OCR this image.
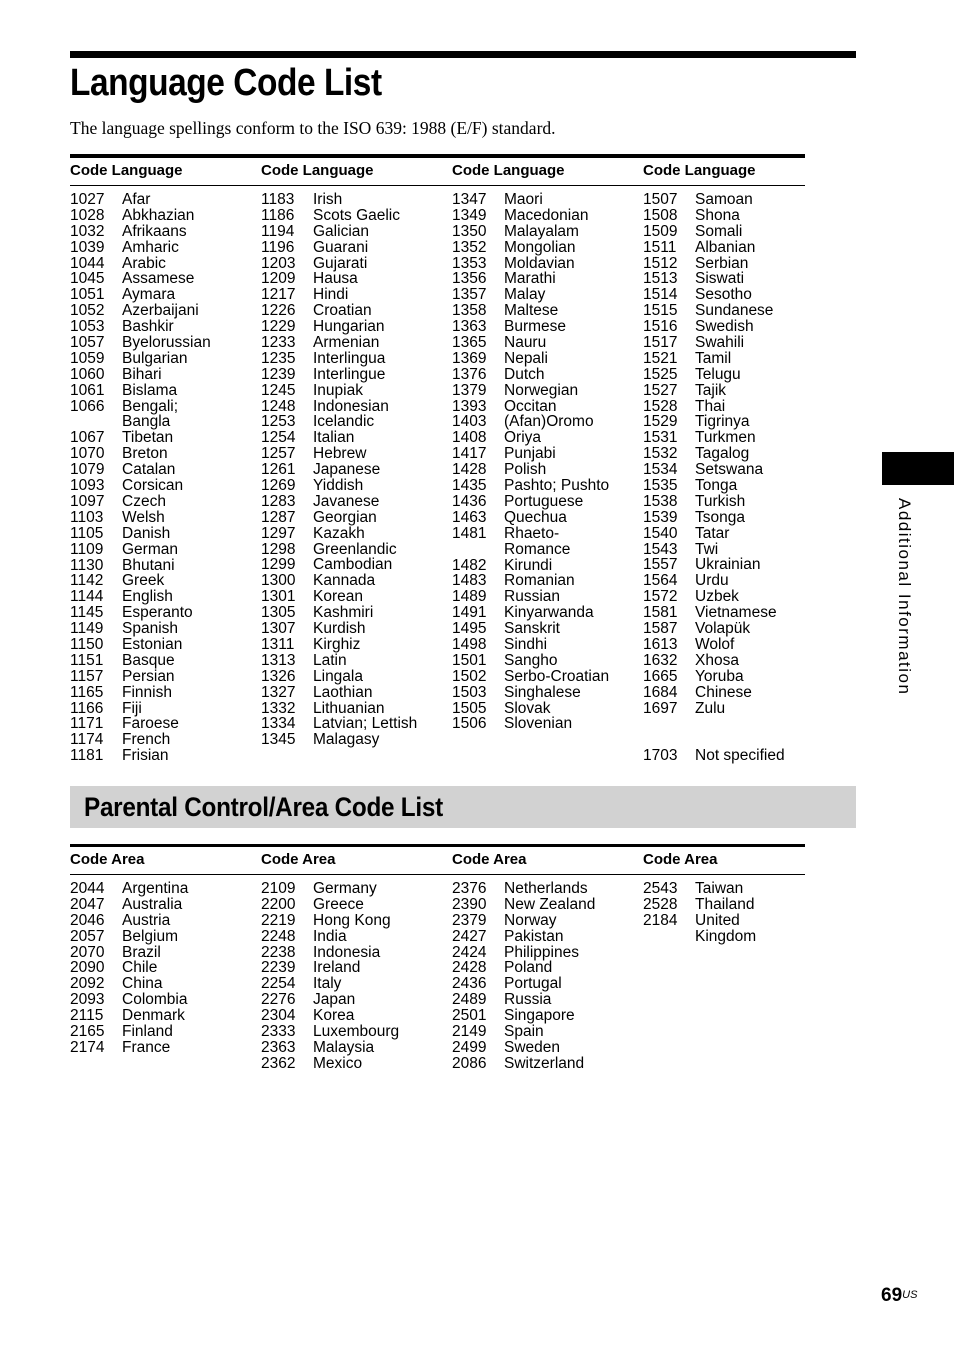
Language Code List

The language spellings conform to the ISO 639: 1988 (E/F) standard.

Code Language
1027 Afar
1028 Abkhazian
1032 Afrikaans
1039 Amharic
1044 Arabic
1045 Assamese
1051 Aymara
1052 Azerbaijani
1053 Bashkir
1057 Byelorussian
1059 Bulgarian
1060 Bihari
1061 Bislama
1066 Bengali;
Bangla
1067 Tibetan
1070 Breton
1079 Catalan
1093 Corsican
1097 Czech
1103 Welsh
1105 Danish
1109 German
1130 Bhutani
1142 Greek
1144 English
1145 Esperanto
1149 Spanish
1150 Estonian
1151 Basque
1157 Persian
1165 Finnish
1166 Fiji
1171 Faroese
1174 French
1181 Frisian
Code Language
1183 Irish
1186 Scots Gaelic
1194 Galician
1196 Guarani
1203 Gujarati
1209 Hausa
1217 Hindi
1226 Croatian
1229 Hungarian
1233 Armenian
1235 Interlingua
1239 Interlingue
1245 Inupiak
1248 Indonesian
1253 Icelandic
1254 Italian
1257 Hebrew
1261 Japanese
1269 Yiddish
1283 Javanese
1287 Georgian
1297 Kazakh
1298 Greenlandic
1299 Cambodian
1300 Kannada
1301 Korean
1305 Kashmiri
1307 Kurdish
1311 Kirghiz
1313 Latin
1326 Lingala
1327 Laothian
1332 Lithuanian
1334 Latvian; Lettish
1345 Malagasy
Code Language
1347 Maori
1349 Macedonian
1350 Malayalam
1352 Mongolian
1353 Moldavian
1356 Marathi
1357 Malay
1358 Maltese
1363 Burmese
1365 Nauru
1369 Nepali
1376 Dutch
1379 Norwegian
1393 Occitan
1403 (Afan)Oromo
1408 Oriya
1417 Punjabi
1428 Polish
1435 Pashto; Pushto
1436 Portuguese
1463 Quechua
1481 Rhaeto-
Romance
1482 Kirundi
1483 Romanian
1489 Russian
1491 Kinyarwanda
1495 Sanskrit
1498 Sindhi
1501 Sangho
1502 Serbo-Croatian
1503 Singhalese
1505 Slovak
1506 Slovenian
Code Language
1507 Samoan
1508 Shona
1509 Somali
1511 Albanian
1512 Serbian
1513 Siswati
1514 Sesotho
1515 Sundanese
1516 Swedish
1517 Swahili
1521 Tamil
1525 Telugu
1527 Tajik
1528 Thai
1529 Tigrinya
1531 Turkmen
1532 Tagalog
1534 Setswana
1535 Tonga
1538 Turkish
1539 Tsonga
1540 Tatar
1543 Twi
1557 Ukrainian
1564 Urdu
1572 Uzbek
1581 Vietnamese
1587 Volapük
1613 Wolof
1632 Xhosa
1665 Yoruba
1684 Chinese
1697 Zulu
1703 Not specified
Parental Control/Area Code List
Code Area
2044 Argentina
2047 Australia
2046 Austria
2057 Belgium
2070 Brazil
2090 Chile
2092 China
2093 Colombia
2115 Denmark
2165 Finland
2174 France
Code Area
2109 Germany
2200 Greece
2219 Hong Kong
2248 India
2238 Indonesia
2239 Ireland
2254 Italy
2276 Japan
2304 Korea
2333 Luxembourg
2363 Malaysia
2362 Mexico
Code Area
2376 Netherlands
2390 New Zealand
2379 Norway
2427 Pakistan
2424 Philippines
2428 Poland
2436 Portugal
2489 Russia
2501 Singapore
2149 Spain
2499 Sweden
2086 Switzerland
Code Area
2543 Taiwan
2528 Thailand
2184 United
Kingdom
Additional Information
$69^{US}$
